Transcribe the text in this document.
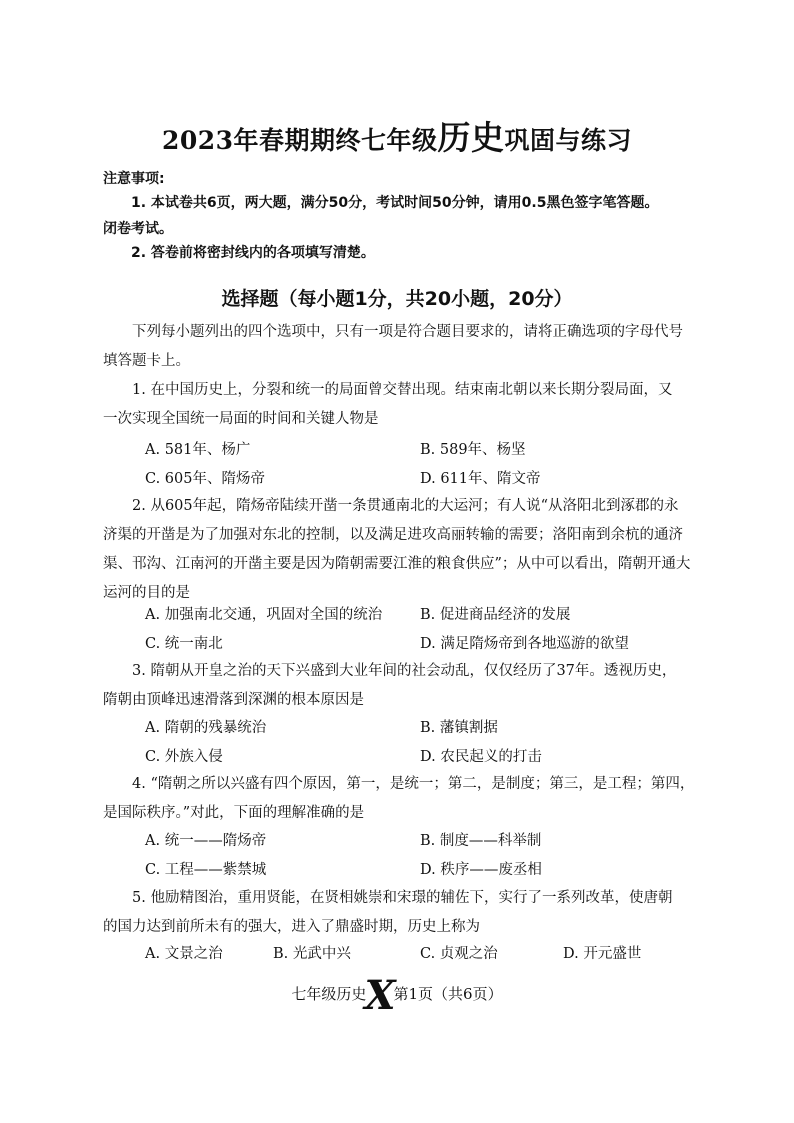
2023年春期期终七年级历史巩固与练习
注意事项:
1. 本试卷共6页，两大题，满分50分，考试时间50分钟，请用0.5黑色签字笔答题。
闭卷考试。
2. 答卷前将密封线内的各项填写清楚。
选择题（每小题1分，共20小题，20分）
下列每小题列出的四个选项中，只有一项是符合题目要求的，请将正确选项的字母代号
填答题卡上。
1. 在中国历史上，分裂和统一的局面曾交替出现。结束南北朝以来长期分裂局面，又
一次实现全国统一局面的时间和关键人物是
A. 581年、杨广	B. 589年、杨坚
C. 605年、隋炀帝	D. 611年、隋文帝
2. 从605年起，隋炀帝陆续开凿一条贯通南北的大运河；有人说“从洛阳北到涿郡的永
济渠的开凿是为了加强对东北的控制，以及满足进攻高丽转输的需要；洛阳南到余杭的通济
渠、邗沟、江南河的开凿主要是因为隋朝需要江淮的粮食供应”；从中可以看出，隋朝开通大
运河的目的是
A. 加强南北交通，巩固对全国的统治	B. 促进商品经济的发展
C. 统一南北	D. 满足隋炀帝到各地巡游的欲望
3. 隋朝从开皇之治的天下兴盛到大业年间的社会动乱，仅仅经历了37年。透视历史，
隋朝由顶峰迅速滑落到深渊的根本原因是
A. 隋朝的残暴统治	B. 藩镇割据
C. 外族入侵	D. 农民起义的打击
4. “隋朝之所以兴盛有四个原因，第一，是统一；第二，是制度；第三，是工程；第四，
是国际秩序。”对此，下面的理解准确的是
A. 统一——隋炀帝	B. 制度——科举制
C. 工程——紫禁城	D. 秩序——废丞相
5. 他励精图治，重用贤能，在贤相姚崇和宋璟的辅佐下，实行了一系列改革，使唐朝
的国力达到前所未有的强大，进入了鼎盛时期，历史上称为
A. 文景之治	B. 光武中兴	C. 贞观之治	D. 开元盛世
七年级历史X第1页（共6页）
